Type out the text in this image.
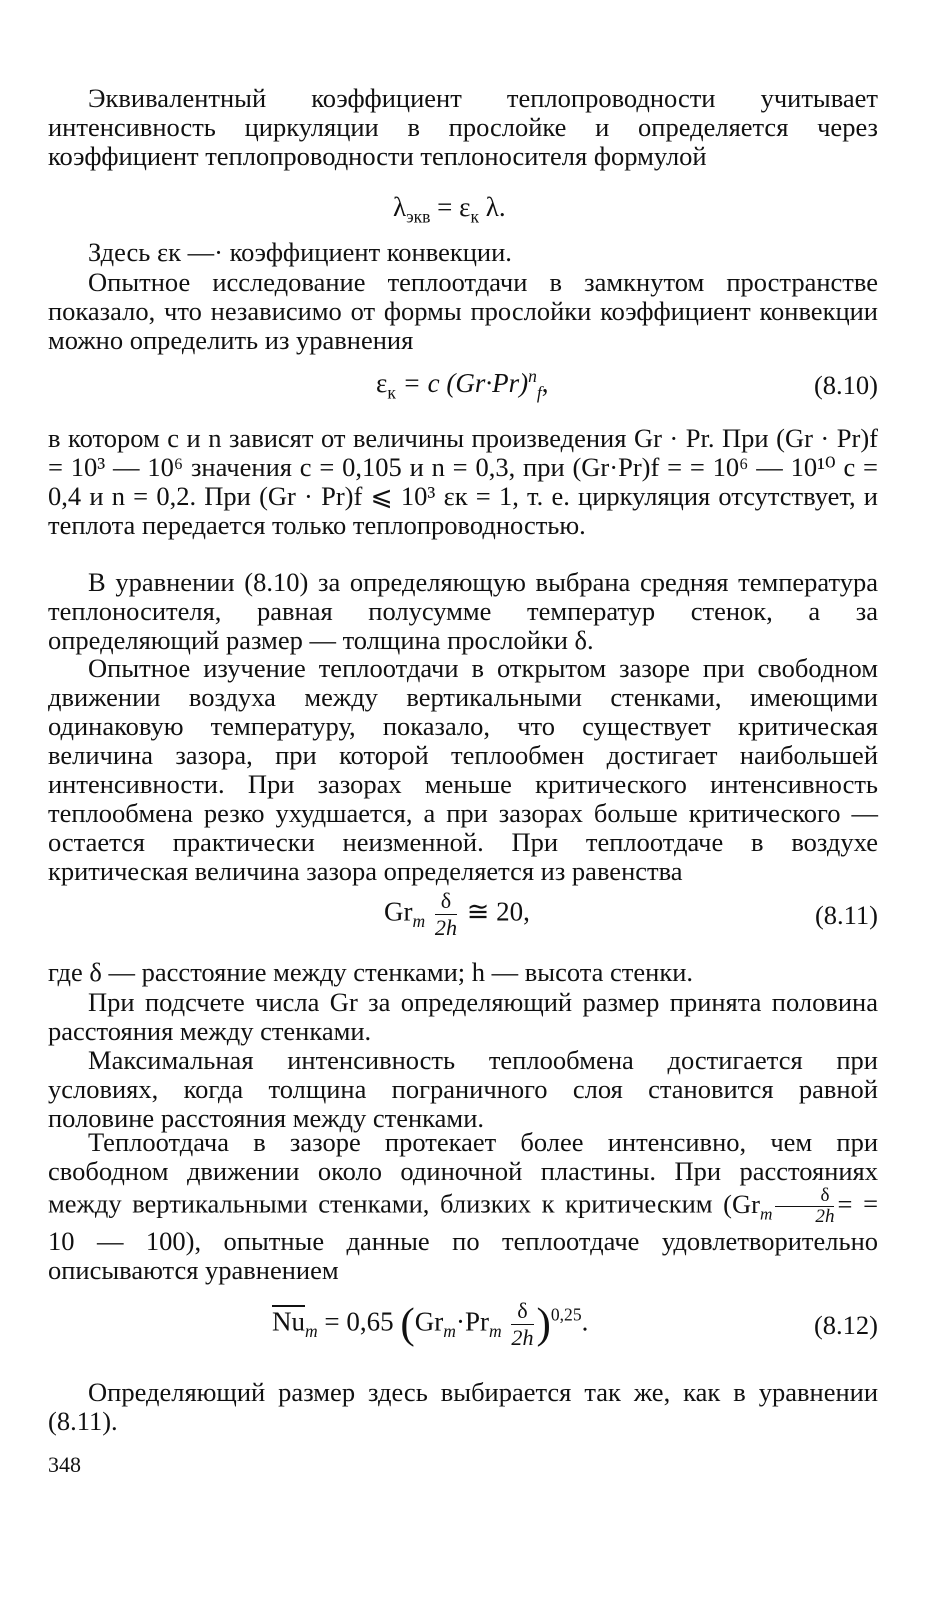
Эквивалентный коэффициент теплопроводности учитывает интенсивность циркуляции в прослойке и определяется через коэффициент теплопроводности теплоносителя формулой

$\lambda_{экв} = \varepsilon_к$ λ.

Здесь εк —· коэффициент конвекции.

Опытное исследование теплоотдачи в замкнутом пространстве показало, что независимо от формы прослойки коэффициент конвекции можно определить из уравнения

$\varepsilon_к = c$ $(Gr\cdot Pr)^n_f$,	(8.10)

в котором c и n зависят от величины произведения Gr · Pr. При (Gr · Pr)f = 10³ — 10⁶ значения c = 0,105 и n = 0,3, при (Gr·Pr)f = = 10⁶ — 10¹⁰ c = 0,4 и n = 0,2. При (Gr · Pr)f ⩽ 10³ εк = 1, т. е. циркуляция отсутствует, и теплота передается только теплопроводностью.

В уравнении (8.10) за определяющую выбрана средняя температура теплоносителя, равная полусумме температур стенок, а за определяющий размер — толщина прослойки δ.

Опытное изучение теплоотдачи в открытом зазоре при свободном движении воздуха между вертикальными стенками, имеющими одинаковую температуру, показало, что существует критическая величина зазора, при которой теплообмен достигает наибольшей интенсивности. При зазорах меньше критического интенсивность теплообмена резко ухудшается, а при зазорах больше критического — остается практически неизменной. При теплоотдаче в воздухе критическая величина зазора определяется из равенства

$Gr_m \frac{\delta}{2h}$ ≅ 20,	(8.11)

где δ — расстояние между стенками; h — высота стенки.

При подсчете числа Gr за определяющий размер принята половина расстояния между стенками.

Максимальная интенсивность теплообмена достигается при условиях, когда толщина пограничного слоя становится равной половине расстояния между стенками.

Теплоотдача в зазоре протекает более интенсивно, чем при свободном движении около одиночной пластины. При расстояниях между вертикальными стенками, близких к критическим ($Gr_m \frac{\delta}{2h}$ = = 10 — 100), опытные данные по теплоотдаче удовлетворительно описываются уравнением

$\overline{Nu}_m = 0,65$ $(Gr_m\cdot Pr_m \frac{\delta}{2h} )^{0,25}$.	(8.12)

Определяющий размер здесь выбирается так же, как в уравнении (8.11).

348
